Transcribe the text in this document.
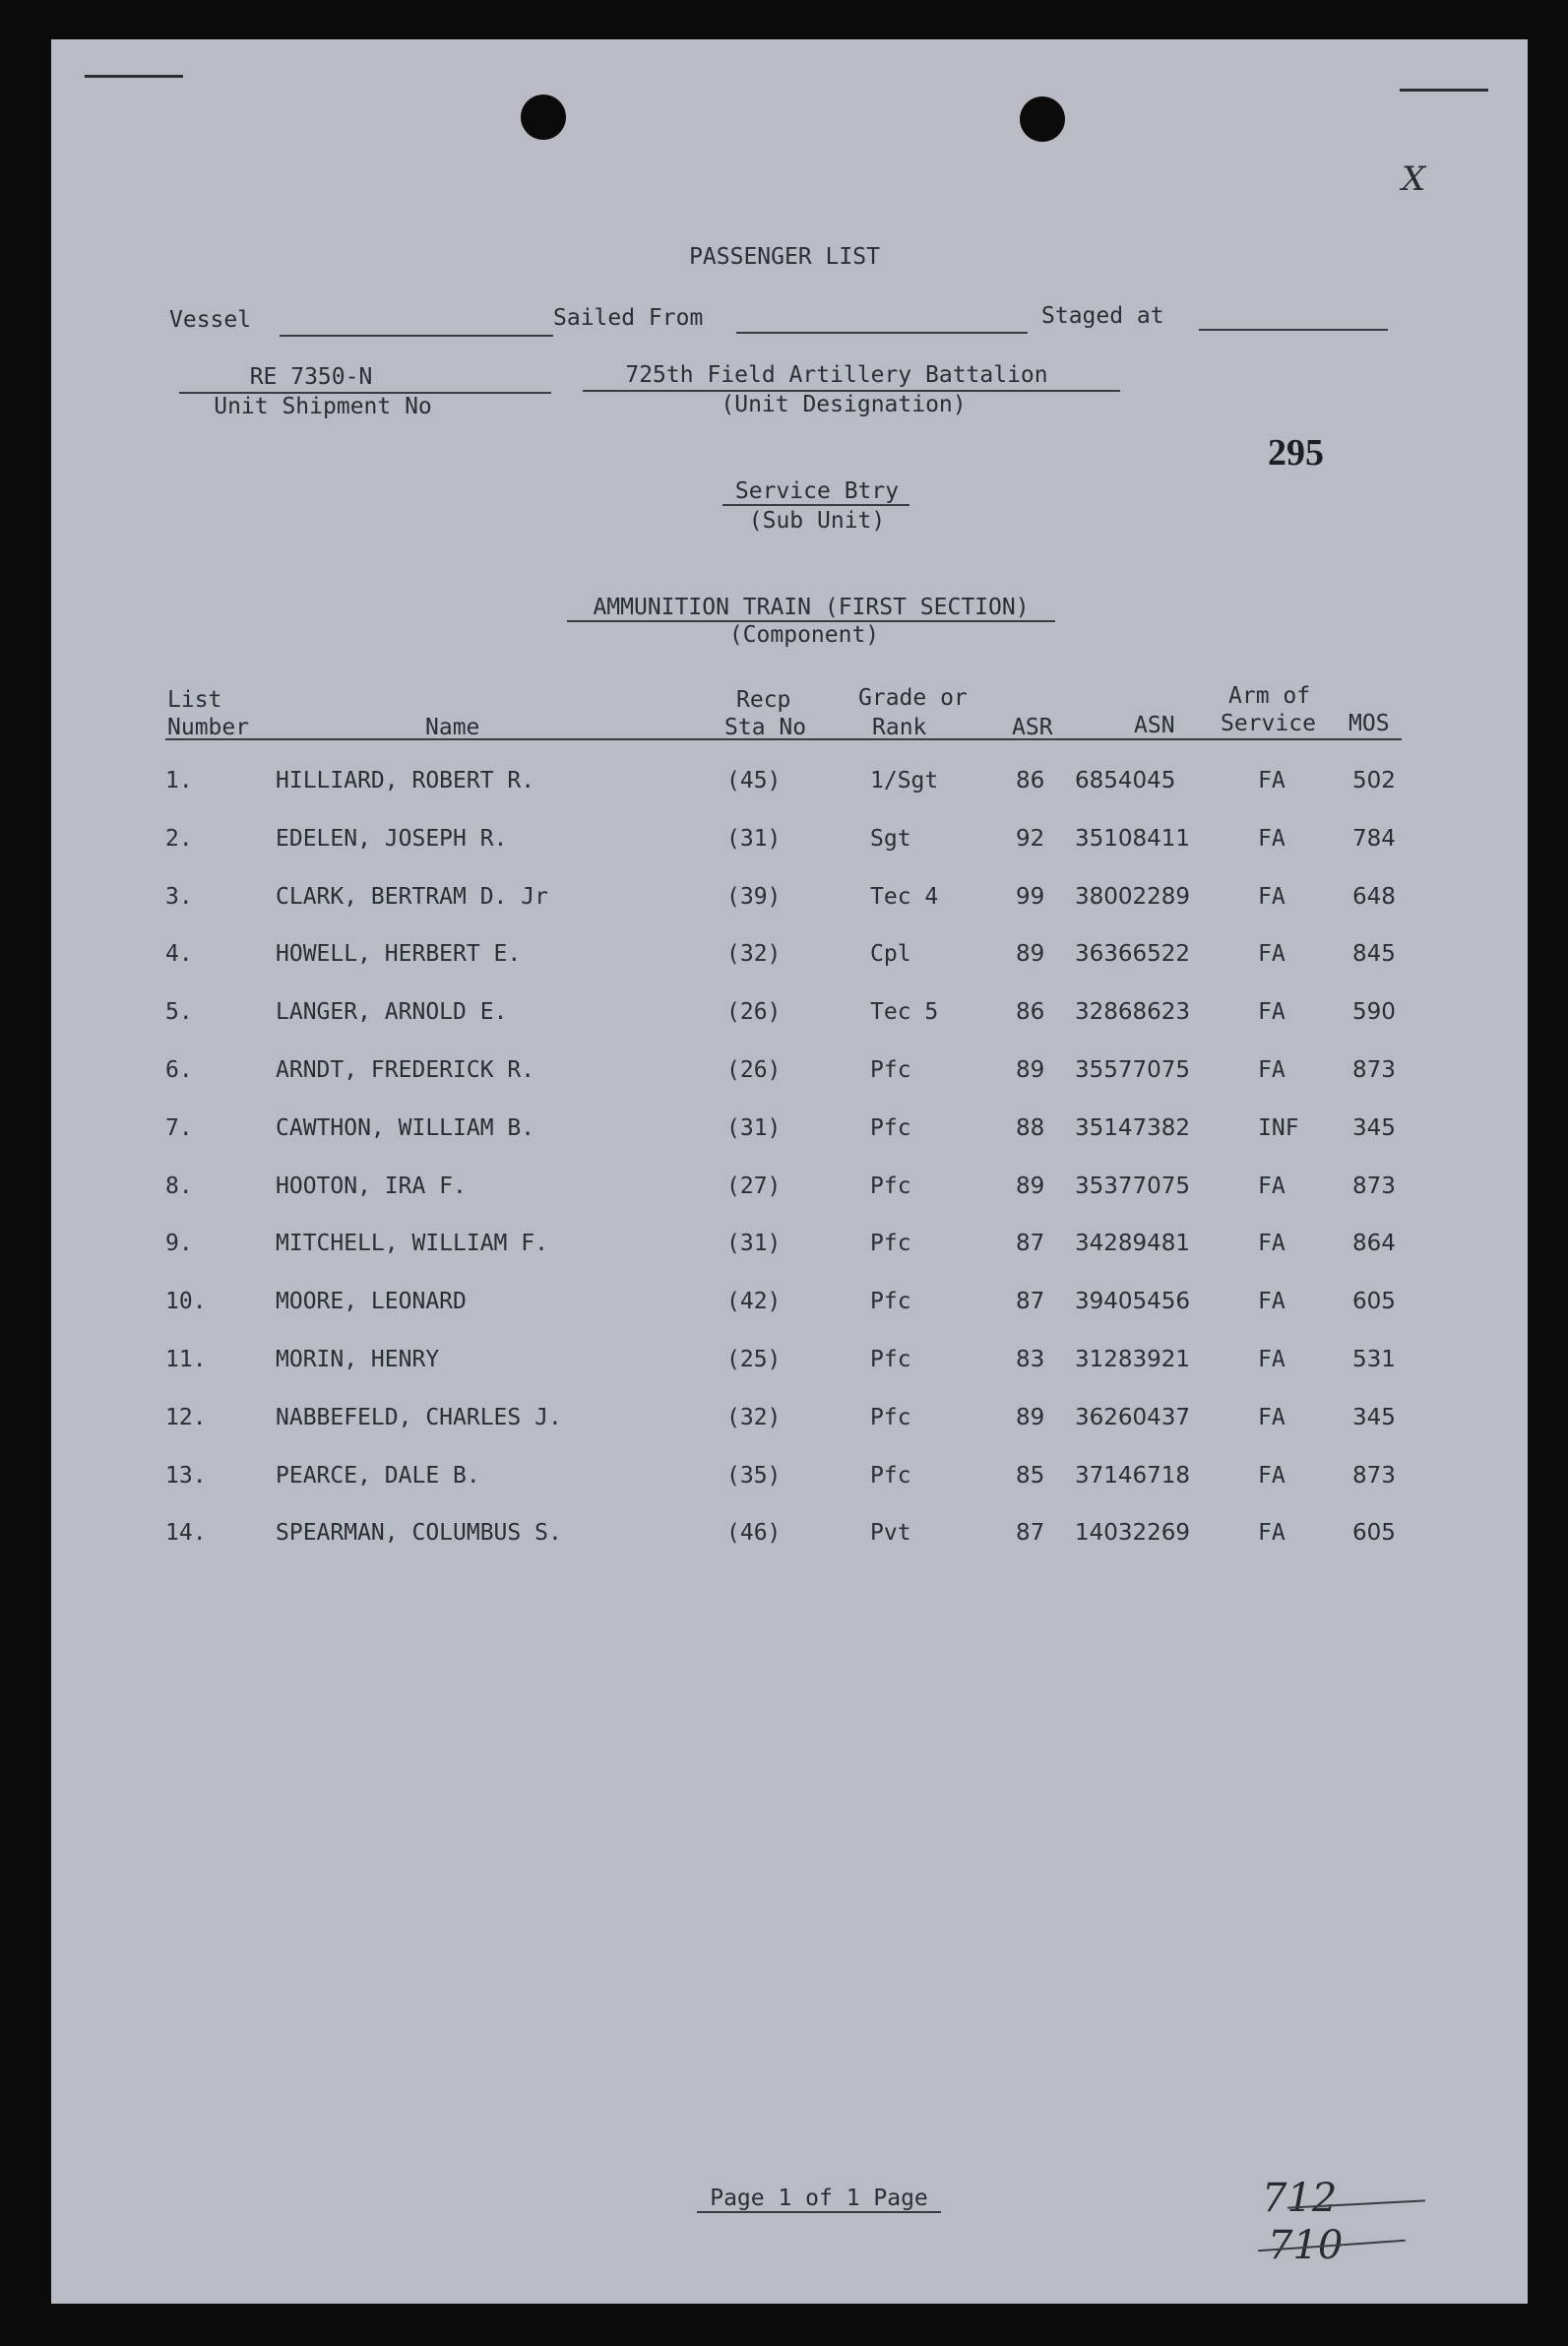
X
PASSENGER LIST
Vessel	Sailed From	Staged at
RE 7350-N
Unit Shipment No
725th Field Artillery Battalion
(Unit Designation)
295
Service Btry
(Sub Unit)
AMMUNITION TRAIN (FIRST SECTION)
(Component)
List
Number	Name
Recp
Sta No
Grade or
Rank	ASR	ASN
Arm of
Service MOS
1.	HILLIARD, ROBERT R.	(45)	1/Sgt	86 6854045	FA	502
2.	EDELEN, JOSEPH R.	(31)	Sgt	92 35108411	FA	784
3.	CLARK, BERTRAM D. Jr	(39)	Tec 4	99 38002289	FA	648
4.	HOWELL, HERBERT E.	(32)	Cpl	89 36366522	FA	845
5.	LANGER, ARNOLD E.	(26)	Tec 5	86 32868623	FA	590
6.	ARNDT, FREDERICK R.	(26)	Pfc	89 35577075	FA	873
7.	CAWTHON, WILLIAM B.	(31)	Pfc	88 35147382	INF 345
8.	HOOTON, IRA F.	(27)	Pfc	89 35377075	FA	873
9.	MITCHELL, WILLIAM F.	(31)	Pfc	87 34289481	FA	864
10.	MOORE, LEONARD	(42)	Pfc	87 39405456	FA	605
11.	MORIN, HENRY	(25)	Pfc	83 31283921	FA	531
12.	NABBEFELD, CHARLES J.	(32)	Pfc	89 36260437	FA	345
13.	PEARCE, DALE B.	(35)	Pfc	85 37146718	FA	873
14.	SPEARMAN, COLUMBUS S.	(46)	Pvt	87 14032269	FA	605
Page 1 of 1 Page	712
710
